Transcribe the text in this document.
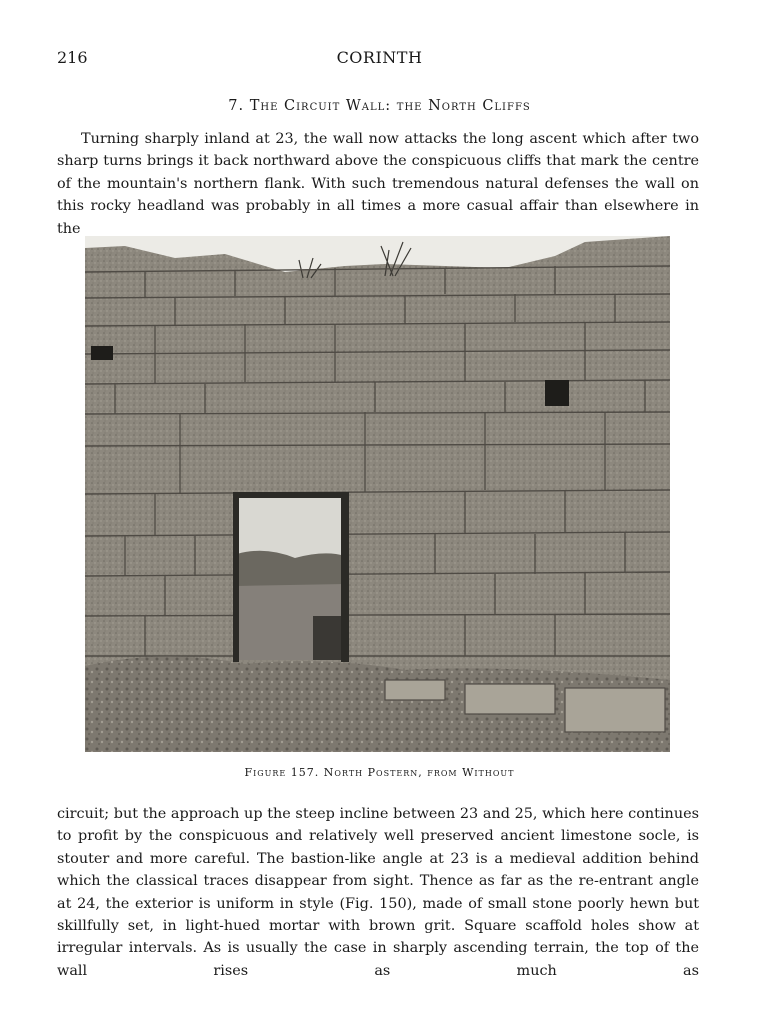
216	CORINTH
7. The Circuit Wall: the North Cliffs

Turning sharply inland at 23, the wall now attacks the long ascent which after two sharp turns brings it back northward above the conspicuous cliffs that mark the centre of the mountain's northern flank. With such tremendous natural defenses the wall on this rocky headland was probably in all times a more casual affair than elsewhere in the

Figure 157. North Postern, from Without

circuit; but the approach up the steep incline between 23 and 25, which here continues to profit by the conspicuous and relatively well preserved ancient limestone socle, is stouter and more careful. The bastion-like angle at 23 is a medieval addition behind which the classical traces disappear from sight. Thence as far as the re-entrant angle at 24, the exterior is uniform in style (Fig. 150), made of small stone poorly hewn but skillfully set, in light-hued mortar with brown grit. Square scaffold holes show at irregular intervals. As is usually the case in sharply ascending terrain, the top of the wall rises as much as
